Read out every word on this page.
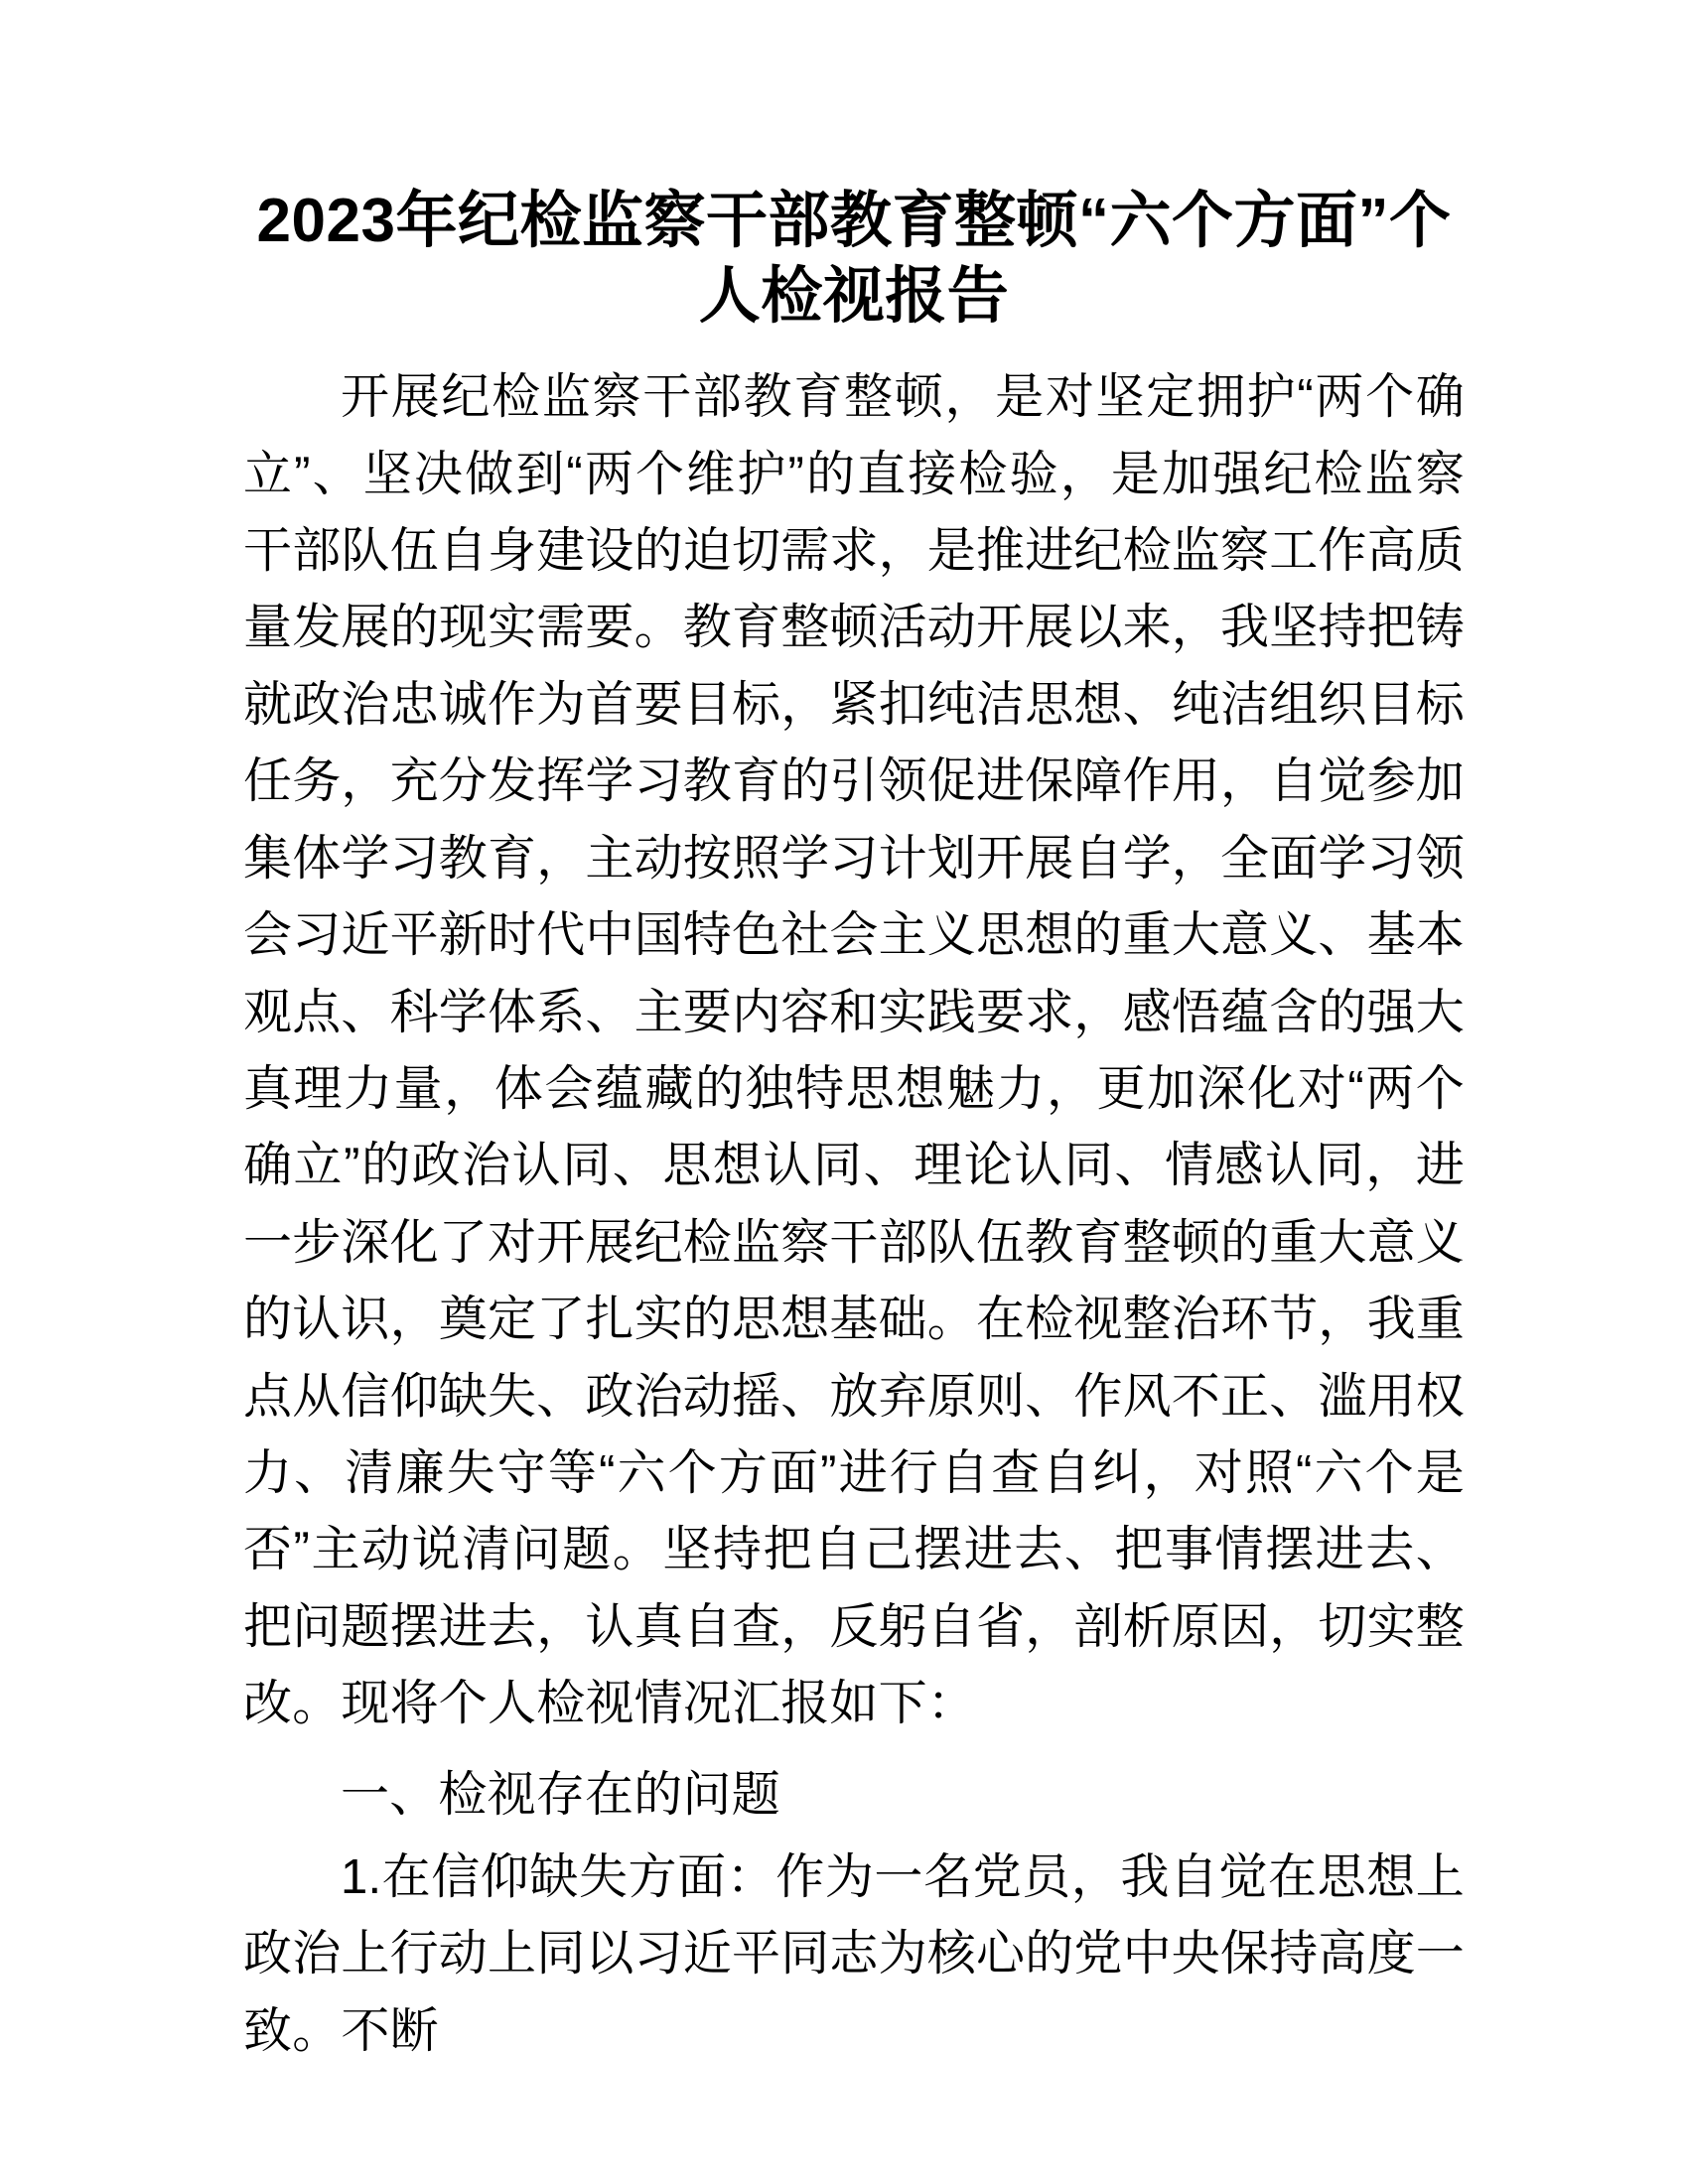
2023年纪检监察干部教育整顿“六个方面”个人检视报告

开展纪检监察干部教育整顿，是对坚定拥护“两个确立”、坚决做到“两个维护”的直接检验，是加强纪检监察干部队伍自身建设的迫切需求，是推进纪检监察工作高质量发展的现实需要。教育整顿活动开展以来，我坚持把铸就政治忠诚作为首要目标，紧扣纯洁思想、纯洁组织目标任务，充分发挥学习教育的引领促进保障作用，自觉参加集体学习教育，主动按照学习计划开展自学，全面学习领会习近平新时代中国特色社会主义思想的重大意义、基本观点、科学体系、主要内容和实践要求，感悟蕴含的强大真理力量，体会蕴藏的独特思想魅力，更加深化对“两个确立”的政治认同、思想认同、理论认同、情感认同，进一步深化了对开展纪检监察干部队伍教育整顿的重大意义的认识，奠定了扎实的思想基础。在检视整治环节，我重点从信仰缺失、政治动摇、放弃原则、作风不正、滥用权力、清廉失守等“六个方面”进行自查自纠，对照“六个是否”主动说清问题。坚持把自己摆进去、把事情摆进去、把问题摆进去，认真自查，反躬自省，剖析原因，切实整改。现将个人检视情况汇报如下：

一、检视存在的问题

1.在信仰缺失方面：作为一名党员，我自觉在思想上政治上行动上同以习近平同志为核心的党中央保持高度一致。不断
